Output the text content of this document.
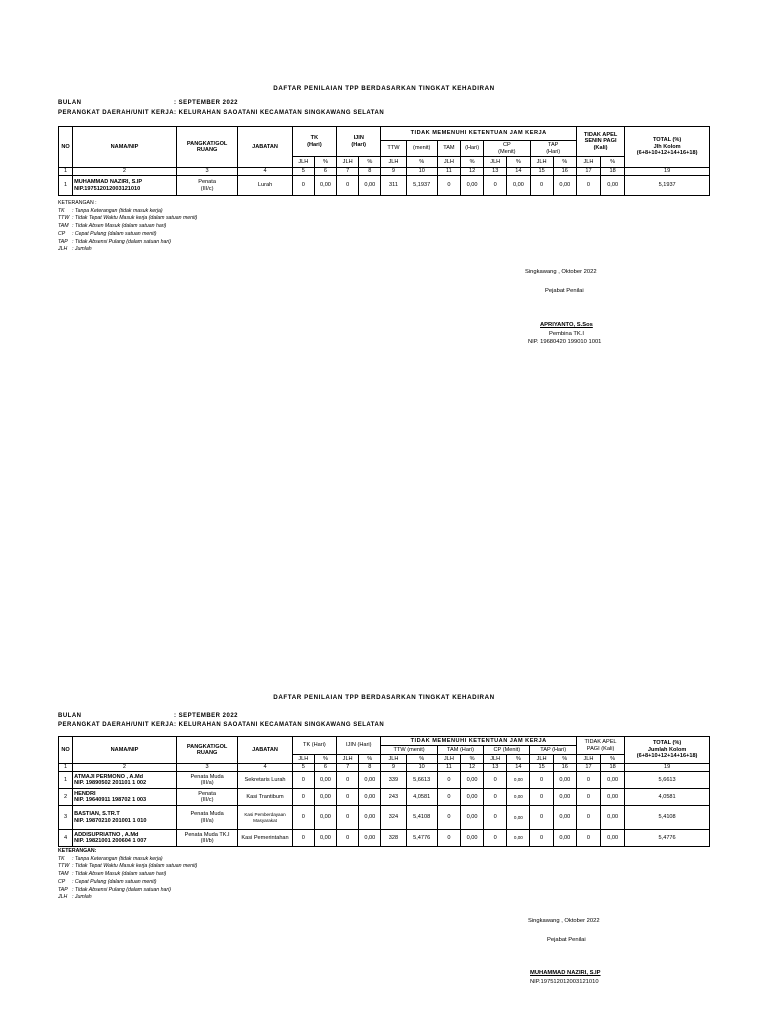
DAFTAR PENILAIAN TPP BERDASARKAN TINGKAT KEHADIRAN
BULAN	: SEPTEMBER 2022
PERANGKAT DAERAH/UNIT KERJA: KELURAHAN SAOATANI KECAMATAN SINGKAWANG SELATAN
NO	NAMA/NIP	PANGKAT/GOL RUANG	JABATAN	TK
(Hari)		IJIN
(Hari)		TIDAK MEMENUHI KETENTUAN JAM KERJA								TIDAK APEL SENIN PAGI (Kali)		TOTAL (%)
Jlh Kolom
(6+8+10+12+14+16+18)
								TTW	(menit)	TAM	(Hari)	CP
(Menit)		TAP
(Hari)				
				JLH	%	JLH	%	JLH	%	JLH	%	JLH	%	JLH	%	JLH	%	
1	2	3	4	5	6	7	8	9	10	11	12	13	14	15	16	17	18	19
1	MUHAMMAD NAZIRI, S.IP
NIP.197512012003121010	Penata
(III/c)	Lurah	0	0,00	0	0,00	311	5,1937	0	0,00	0	0,00	0	0,00	0	0,00	5,1937
KETERANGAN :
TK : Tanpa Keterangan (tidak masuk kerja)
TTW : Tidak Tepat Waktu Masuk kerja (dalam satuan menit)
TAM : Tidak Absen Masuk (dalam satuan hari)
CP : Cepat Pulang (dalam satuan menit)
TAP : Tidak Absensi Pulang (dalam satuan hari)
JLH : Jumlah
Singkawang , Oktober 2022
Pejabat Penilai
APRIYANTO, S.Sos
Pembina TK.I
NIP. 19680420 199010 1001
DAFTAR PENILAIAN TPP BERDASARKAN TINGKAT KEHADIRAN
BULAN	: SEPTEMBER 2022
PERANGKAT DAERAH/UNIT KERJA: KELURAHAN SAOATANI KECAMATAN SINGKAWANG SELATAN
NO	NAMA/NIP	PANGKAT/GOL RUANG	JABATAN	TK (Hari)		IJIN (Hari)		TIDAK MEMENUHI KETENTUAN JAM KERJA								TIDAK APEL PAGI (Kali)		TOTAL (%)
Jumlah Kolom
(6+8+10+12+14+16+18)
								TTW (menit)		TAM (Hari)		CP (Menit)		TAP (Hari)				
				JLH	%	JLH	%	JLH	%	JLH	%	JLH	%	JLH	%	JLH	%	
1	2	3	4	5	6	7	8	9	10	11	12	13	14	15	16	17	18	19
1	ATMAJI PERMONO , A.Md
NIP. 19890502 201101 1 002	Penata Muda
(III/a)	Sekretaris Lurah	0	0,00	0	0,00	339	5,6613	0	0,00	0	0,00	0	0,00	0	0,00	5,6613
2	HENDRI
NIP. 19640911 198702 1 003	Penata
(III/c)	Kasi Trantibum	0	0,00	0	0,00	243	4,0581	0	0,00	0	0,00	0	0,00	0	0,00	4,0581
3	BASTIAN, S.TR.T
NIP. 19870210 201001 1 010	Penata Muda
(III/a)	Kasi Pemberdayaan Masyarakat	0	0,00	0	0,00	324	5,4108	0	0,00	0	0,00	0	0,00	0	0,00	5,4108
4	ADDISUPRIATNO , A.Md
NIP. 19821001 200604 1 007	Penata Muda TK.I
(III/b)	Kasi Pemerintahan	0	0,00	0	0,00	328	5,4776	0	0,00	0	0,00	0	0,00	0	0,00	5,4776
KETERANGAN:
TK : Tanpa Keterangan (tidak masuk kerja)
TTW : Tidak Tepat Waktu Masuk kerja (dalam satuan menit)
TAM : Tidak Absen Masuk (dalam satuan hari)
CP : Cepat Pulang (dalam satuan menit)
TAP : Tidak Absensi Pulang (dalam satuan hari)
JLH : Jumlah
Singkawang , Oktober 2022
Pejabat Penilai
MUHAMMAD NAZIRI, S.IP
NIP.197512012003121010
